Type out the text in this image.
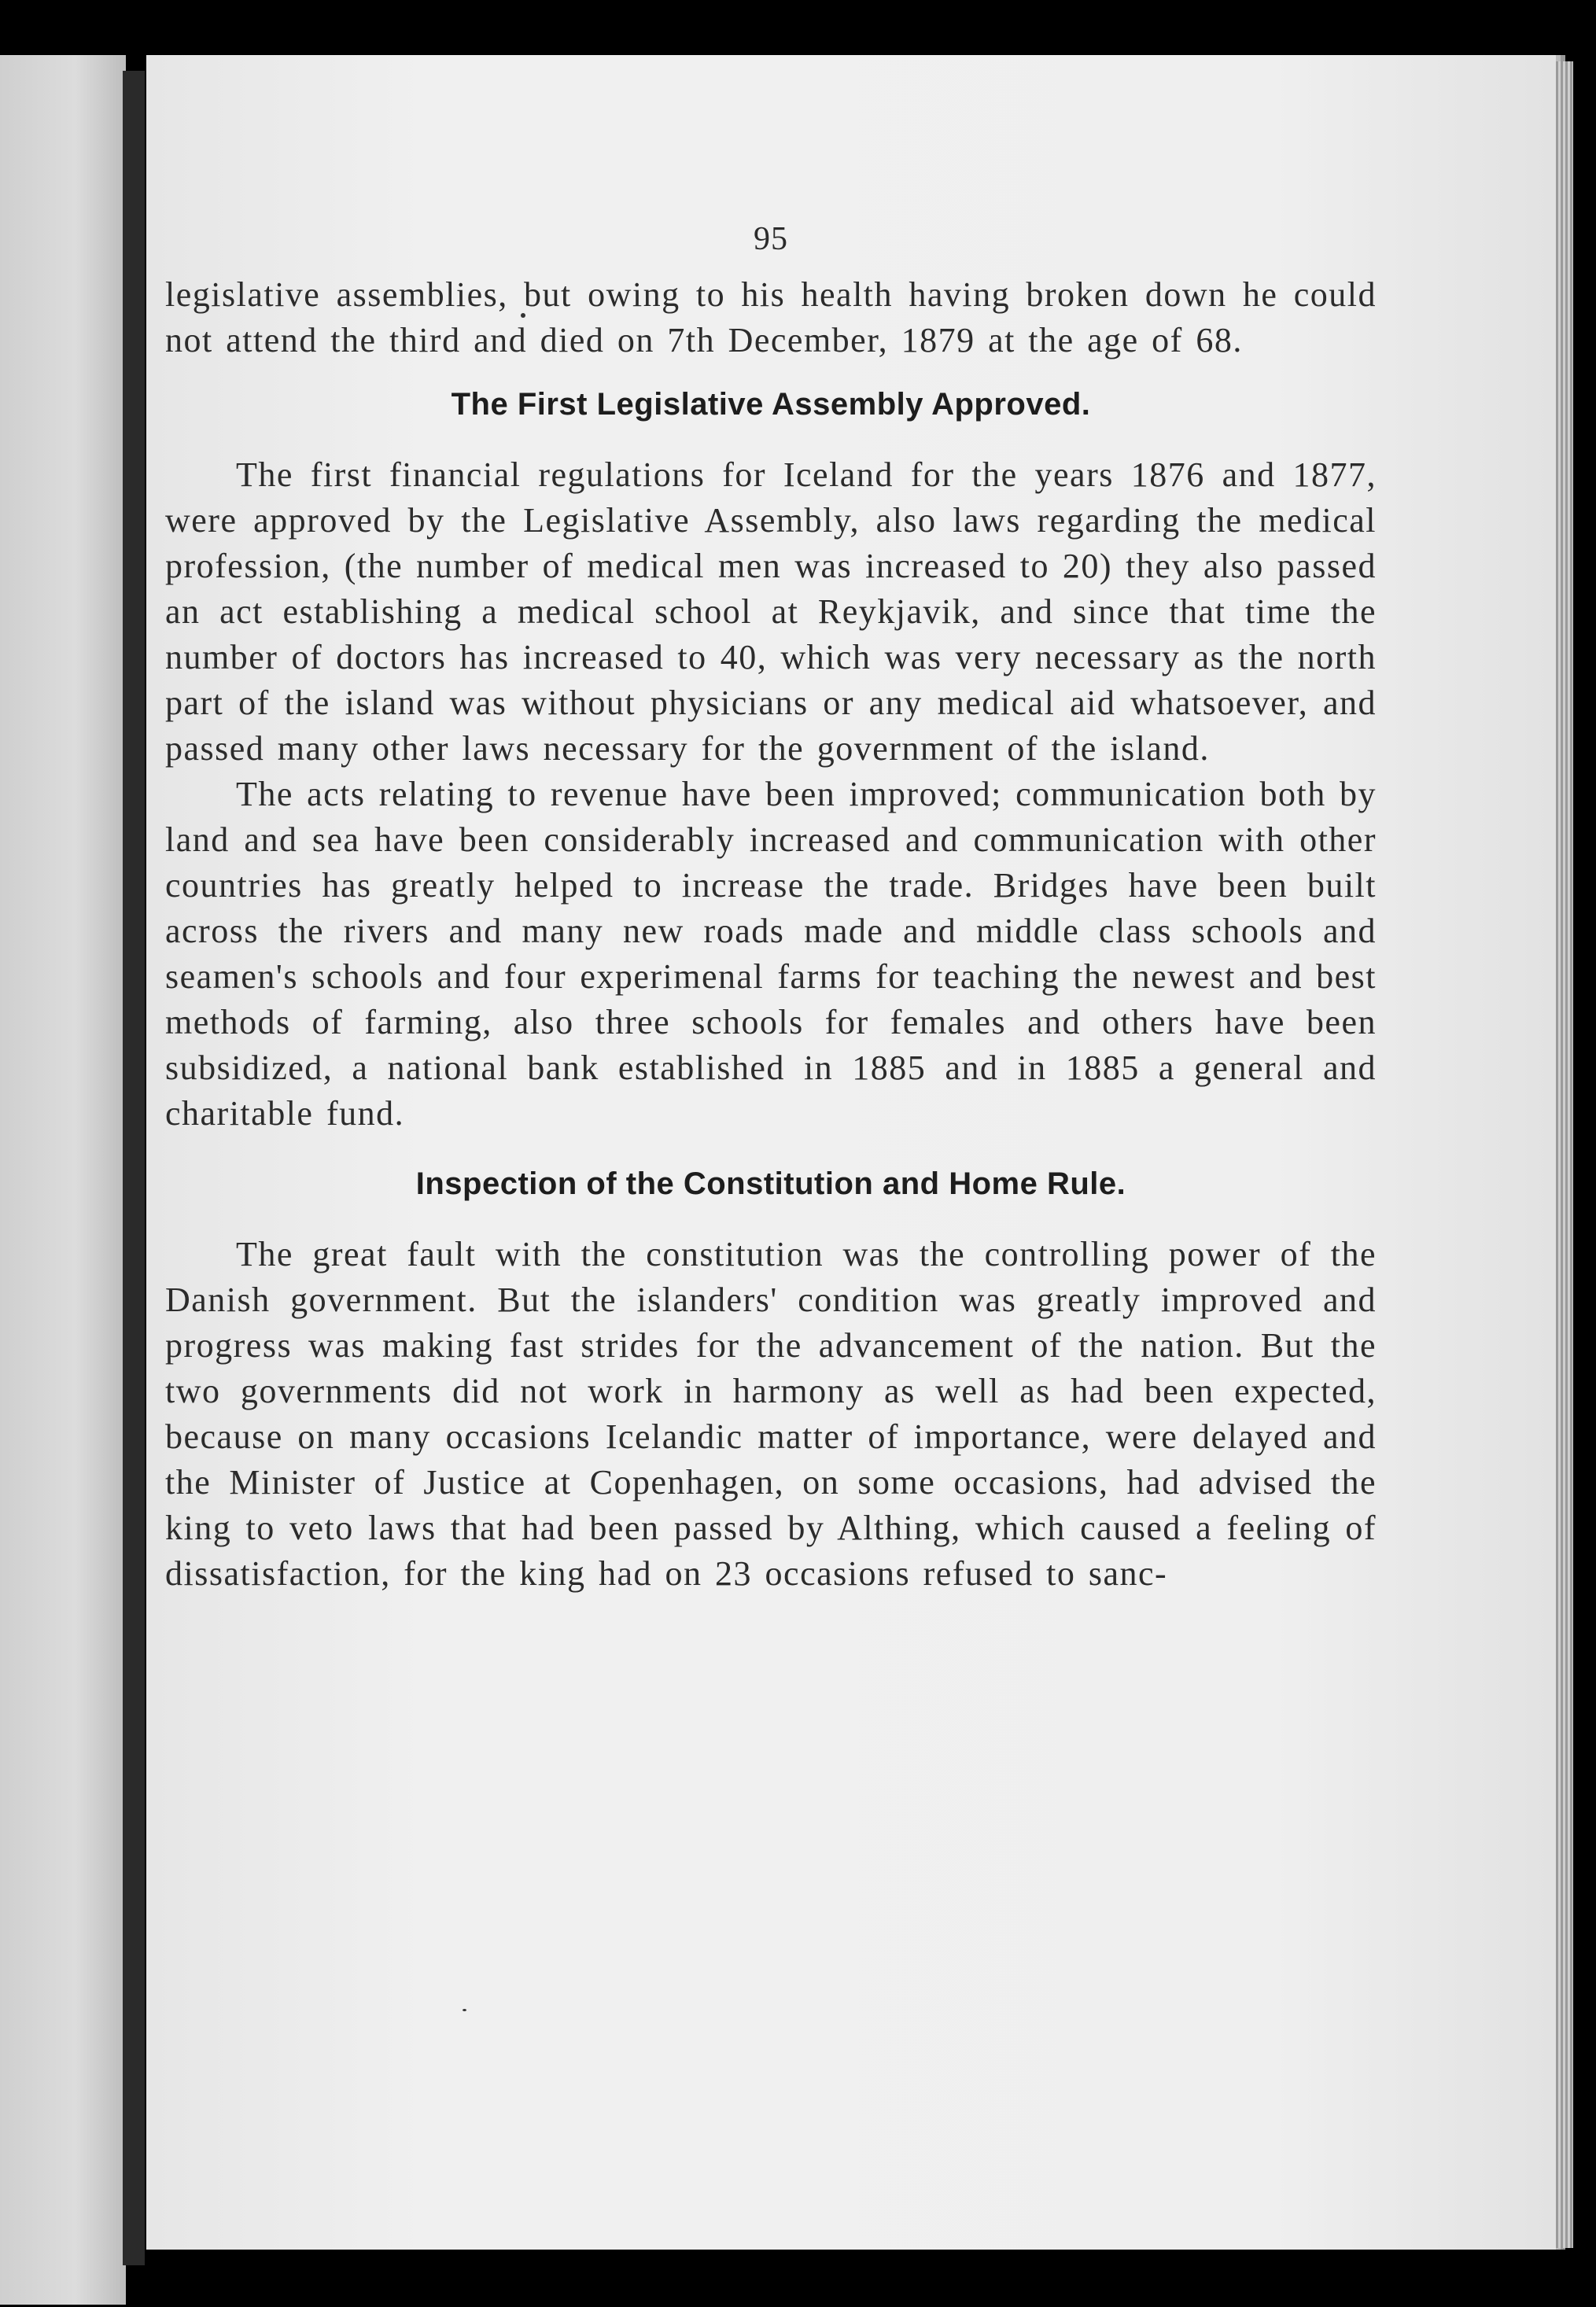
95

legislative assemblies, but owing to his health having broken down he could not attend the third and died on 7th December, 1879 at the age of 68.

The First Legislative Assembly Approved.

The first financial regulations for Iceland for the years 1876 and 1877, were approved by the Legislative Assembly, also laws regarding the medical profession, (the number of medical men was increased to 20) they also passed an act establishing a medical school at Reykjavik, and since that time the number of doctors has increased to 40, which was very necessary as the north part of the island was without physicians or any medical aid whatsoever, and passed many other laws necessary for the government of the island.

The acts relating to revenue have been improved; communication both by land and sea have been considerably increased and communication with other countries has greatly helped to increase the trade. Bridges have been built across the rivers and many new roads made and middle class schools and seamen's schools and four experimenal farms for teaching the newest and best methods of farming, also three schools for females and others have been subsidized, a national bank established in 1885 and in 1885 a general and charitable fund.

Inspection of the Constitution and Home Rule.

The great fault with the constitution was the controlling power of the Danish government. But the islanders' condition was greatly improved and progress was making fast strides for the advancement of the nation. But the two governments did not work in harmony as well as had been expected, because on many occasions Icelandic matter of importance, were delayed and the Minister of Justice at Copenhagen, on some occasions, had advised the king to veto laws that had been passed by Althing, which caused a feeling of dissatisfaction, for the king had on 23 occasions refused to sanc-
